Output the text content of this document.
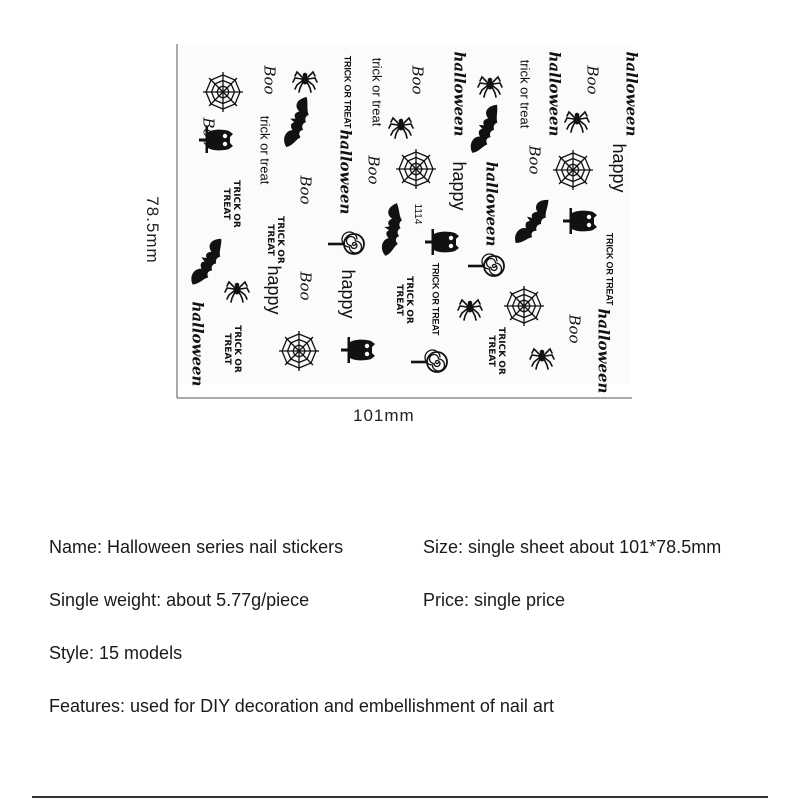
halloween
halloween	halloween
halloween	halloween
halloween
halloween
Boo	Boo	Boo
Boo
Boo
Boo
Boo
Boo
Boo
happy
happy
happy
happy
trick or treat	trick or treat
trick or treat
TRICK OR TREAT
TRICK OR TREAT	TRICK OR TREAT
TRICK OR TREAT
TRICK OR TREAT
TRICK OR TREAT
TRICK OR TREAT	TRICK OR TREAT
1114
78.5mm
101mm
Name: Halloween series nail stickers	Size: single sheet about 101*78.5mm
Single weight: about 5.77g/piece	Price: single price
Style: 15 models
Features: used for DIY decoration and embellishment of nail art
